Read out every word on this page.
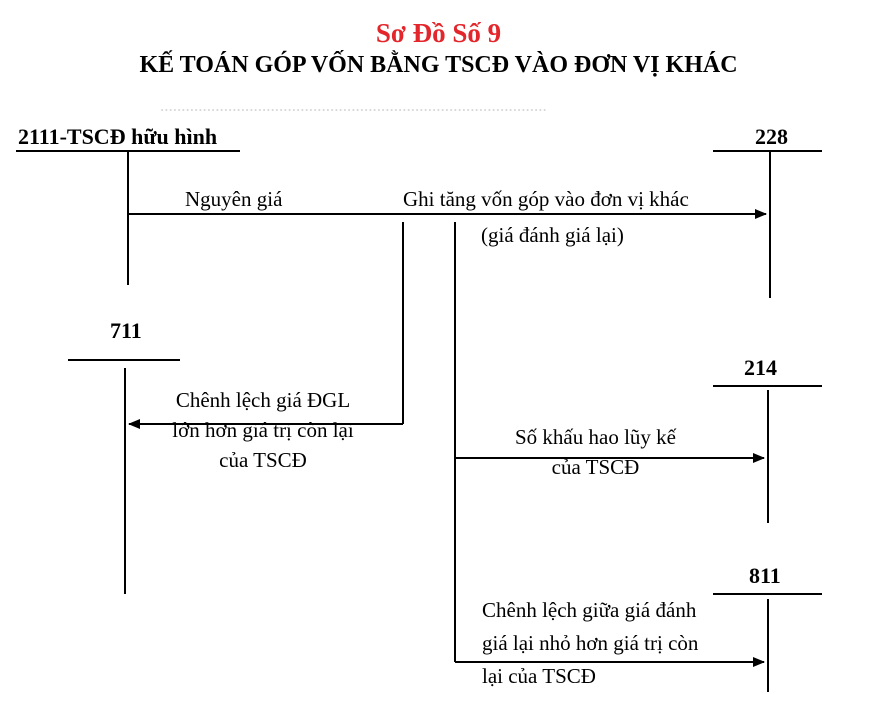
Sơ Đồ Số 9
KẾ TOÁN GÓP VỐN BẰNG TSCĐ VÀO ĐƠN VỊ KHÁC
...........................................................................................
2111-TSCĐ hữu hình	228
711
214
811
Nguyên giá	Ghi tăng vốn góp vào đơn vị khác
(giá đánh giá lại)
Chênh lệch giá ĐGL
lớn hơn giá trị còn lại
của TSCĐ
Số khấu hao lũy kế
của TSCĐ
Chênh lệch giữa giá đánh
giá lại nhỏ hơn giá trị còn
lại của TSCĐ
